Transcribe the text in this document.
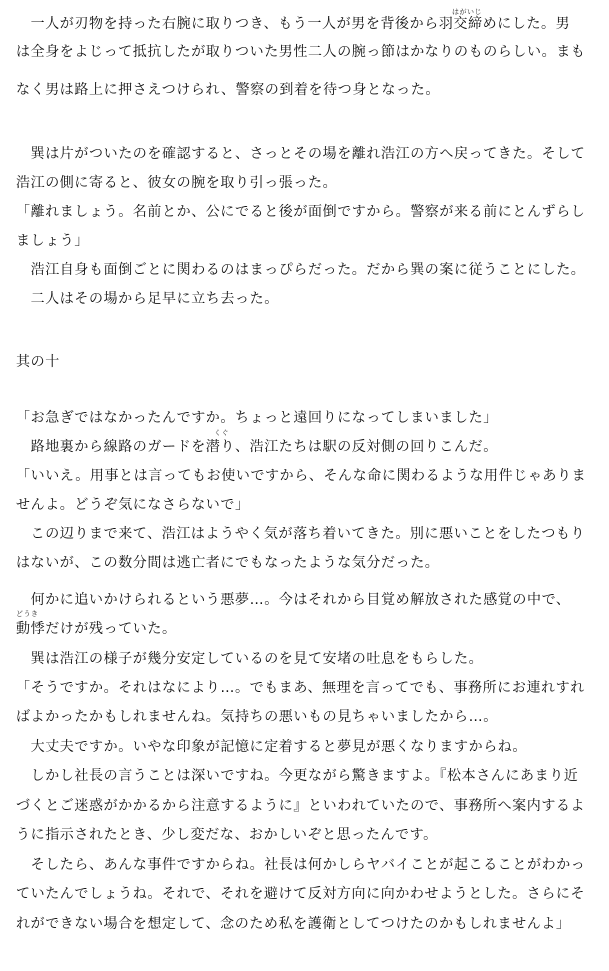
　一人が刃物を持った右腕に取りつき、もう一人が男を背後から羽交締めにした。男
は全身をよじって抵抗したが取りついた男性二人の腕っ節はかなりのものらしい。まも
なく男は路上に押さえつけられ、警察の到着を待つ身となった。
　巽は片がついたのを確認すると、さっとその場を離れ浩江の方へ戻ってきた。そして
浩江の側に寄ると、彼女の腕を取り引っ張った。
「離れましょう。名前とか、公にでると後が面倒ですから。警察が来る前にとんずらし
ましょう」
　浩江自身も面倒ごとに関わるのはまっぴらだった。だから巽の案に従うことにした。
　二人はその場から足早に立ち去った。
其の十
「お急ぎではなかったんですか。ちょっと遠回りになってしまいました」
　路地裏から線路のガードを潜り、浩江たちは駅の反対側の回りこんだ。
「いいえ。用事とは言ってもお使いですから、そんな命に関わるような用件じゃありま
せんよ。どうぞ気になさらないで」
　この辺りまで来て、浩江はようやく気が落ち着いてきた。別に悪いことをしたつもり
はないが、この数分間は逃亡者にでもなったような気分だった。
　何かに追いかけられるという悪夢…。今はそれから目覚め解放された感覚の中で、
動悸だけが残っていた。
　巽は浩江の様子が幾分安定しているのを見て安堵の吐息をもらした。
「そうですか。それはなにより…。でもまあ、無理を言ってでも、事務所にお連れすれ
ばよかったかもしれませんね。気持ちの悪いもの見ちゃいましたから…。
　大丈夫ですか。いやな印象が記憶に定着すると夢見が悪くなりますからね。
　しかし社長の言うことは深いですね。今更ながら驚きますよ。『松本さんにあまり近
づくとご迷惑がかかるから注意するように』といわれていたので、事務所へ案内するよ
うに指示されたとき、少し変だな、おかしいぞと思ったんです。
　そしたら、あんな事件ですからね。社長は何かしらヤバイことが起こることがわかっ
ていたんでしょうね。それで、それを避けて反対方向に向かわせようとした。さらにそ
れができない場合を想定して、念のため私を護衛としてつけたのかもしれませんよ」
はがいじ
くぐ
どうき
